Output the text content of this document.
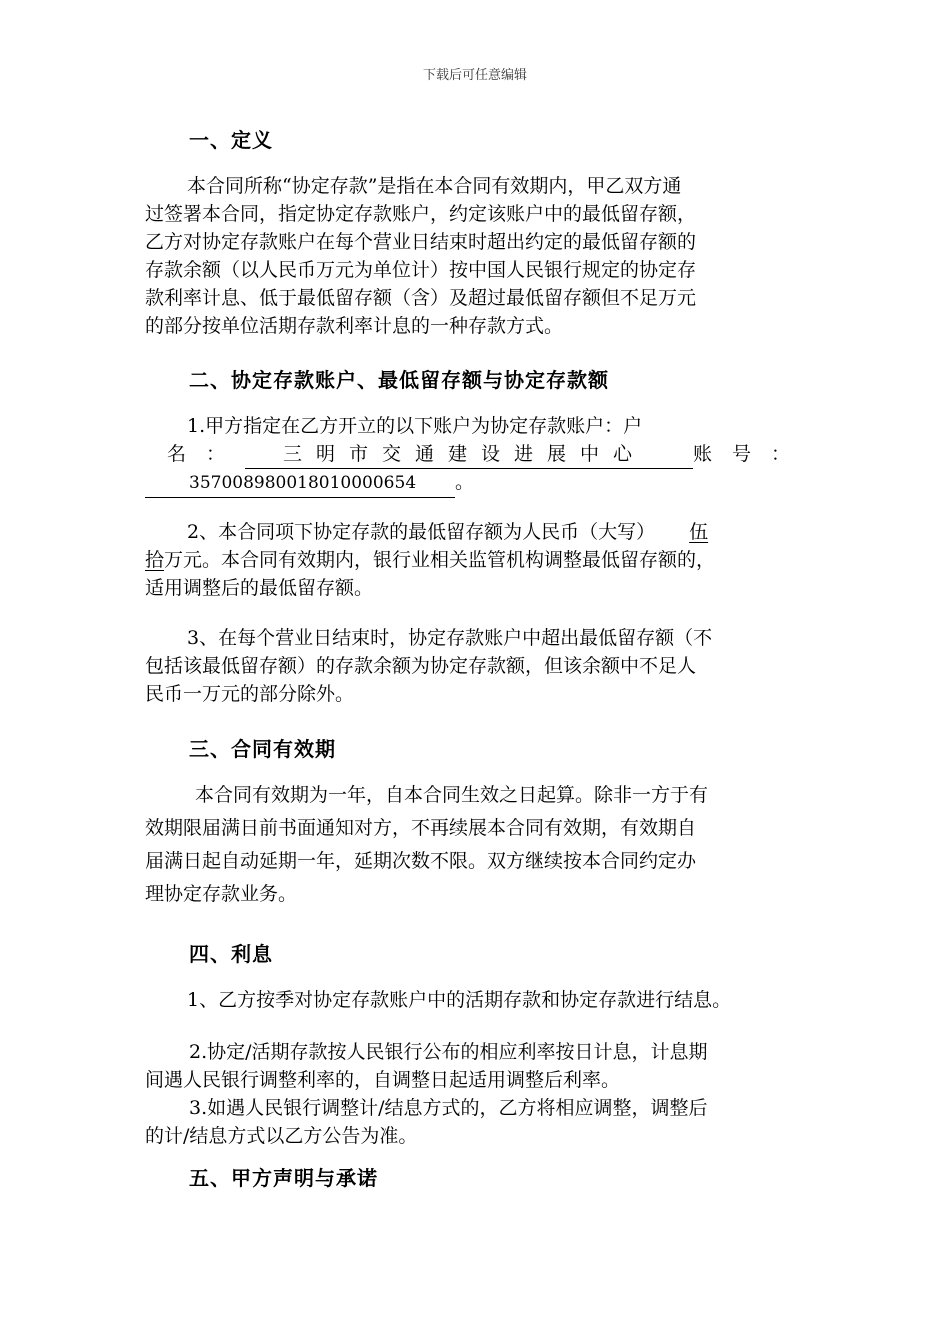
下载后可任意编辑
一、定义
本合同所称“协定存款”是指在本合同有效期内，甲乙双方通
过签署本合同，指定协定存款账户，约定该账户中的最低留存额，
乙方对协定存款账户在每个营业日结束时超出约定的最低留存额的
存款余额（以人民币万元为单位计）按中国人民银行规定的协定存
款利率计息、低于最低留存额（含）及超过最低留存额但不足万元
的部分按单位活期存款利率计息的一种存款方式。
二、协定存款账户、最低留存额与协定存款额
1.甲方指定在乙方开立的以下账户为协定存款账户：户
名：	三明市交通建设进展中心	账号：
35700898001801000065​4 。
2、本合同项下协定存款的最低留存额为人民币（大写） 伍
拾万元。本合同有效期内，银行业相关监管机构调整最低留存额的，
适用调整后的最低留存额。
3、在每个营业日结束时，协定存款账户中超出最低留存额（不
包括该最低留存额）的存款余额为协定存款额，但该余额中不足人
民币一万元的部分除外。
三、合同有效期
本合同有效期为一年，自本合同生效之日起算。除非一方于有
效期限届满日前书面通知对方，不再续展本合同有效期，有效期自
届满日起自动延期一年，延期次数不限。双方继续按本合同约定办
理协定存款业务。
四、利息
1、乙方按季对协定存款账户中的活期存款和协定存款进行结息。
2.协定/活期存款按人民银行公布的相应利率按日计息，计息期
间遇人民银行调整利率的，自调整日起适用调整后利率。
3.如遇人民银行调整计/结息方式的，乙方将相应调整，调整后
的计/结息方式以乙方公告为准。
五、甲方声明与承诺
